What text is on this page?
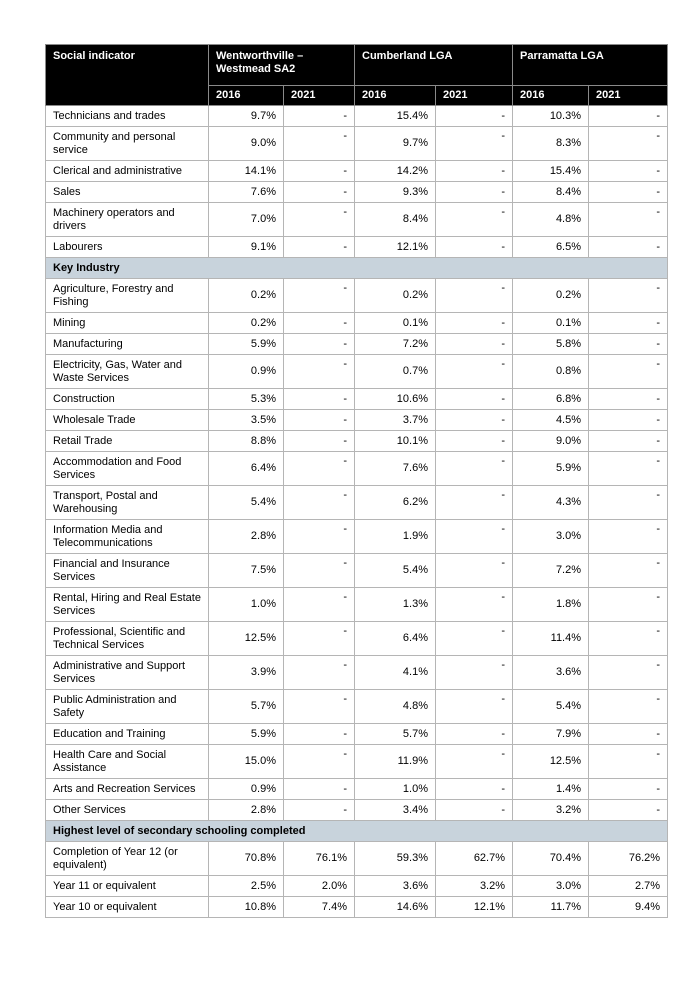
Social indicator	Wentworthville – Westmead SA2		Cumberland LGA		Parramatta LGA	
	2016	2021	2016	2021	2016	2021
Technicians and trades	9.7%	-	15.4%	-	10.3%	-
Community and personal service	9.0%	-	9.7%	-	8.3%	-
Clerical and administrative	14.1%	-	14.2%	-	15.4%	-
Sales	7.6%	-	9.3%	-	8.4%	-
Machinery operators and drivers	7.0%	-	8.4%	-	4.8%	-
Labourers	9.1%	-	12.1%	-	6.5%	-
Key Industry						
Agriculture, Forestry and Fishing	0.2%	-	0.2%	-	0.2%	-
Mining	0.2%	-	0.1%	-	0.1%	-
Manufacturing	5.9%	-	7.2%	-	5.8%	-
Electricity, Gas, Water and Waste Services	0.9%	-	0.7%	-	0.8%	-
Construction	5.3%	-	10.6%	-	6.8%	-
Wholesale Trade	3.5%	-	3.7%	-	4.5%	-
Retail Trade	8.8%	-	10.1%	-	9.0%	-
Accommodation and Food Services	6.4%	-	7.6%	-	5.9%	-
Transport, Postal and Warehousing	5.4%	-	6.2%	-	4.3%	-
Information Media and Telecommunications	2.8%	-	1.9%	-	3.0%	-
Financial and Insurance Services	7.5%	-	5.4%	-	7.2%	-
Rental, Hiring and Real Estate Services	1.0%	-	1.3%	-	1.8%	-
Professional, Scientific and Technical Services	12.5%	-	6.4%	-	11.4%	-
Administrative and Support Services	3.9%	-	4.1%	-	3.6%	-
Public Administration and Safety	5.7%	-	4.8%	-	5.4%	-
Education and Training	5.9%	-	5.7%	-	7.9%	-
Health Care and Social Assistance	15.0%	-	11.9%	-	12.5%	-
Arts and Recreation Services	0.9%	-	1.0%	-	1.4%	-
Other Services	2.8%	-	3.4%	-	3.2%	-
Highest level of secondary schooling completed						
Completion of Year 12 (or equivalent)	70.8%	76.1%	59.3%	62.7%	70.4%	76.2%
Year 11 or equivalent	2.5%	2.0%	3.6%	3.2%	3.0%	2.7%
Year 10 or equivalent	10.8%	7.4%	14.6%	12.1%	11.7%	9.4%
